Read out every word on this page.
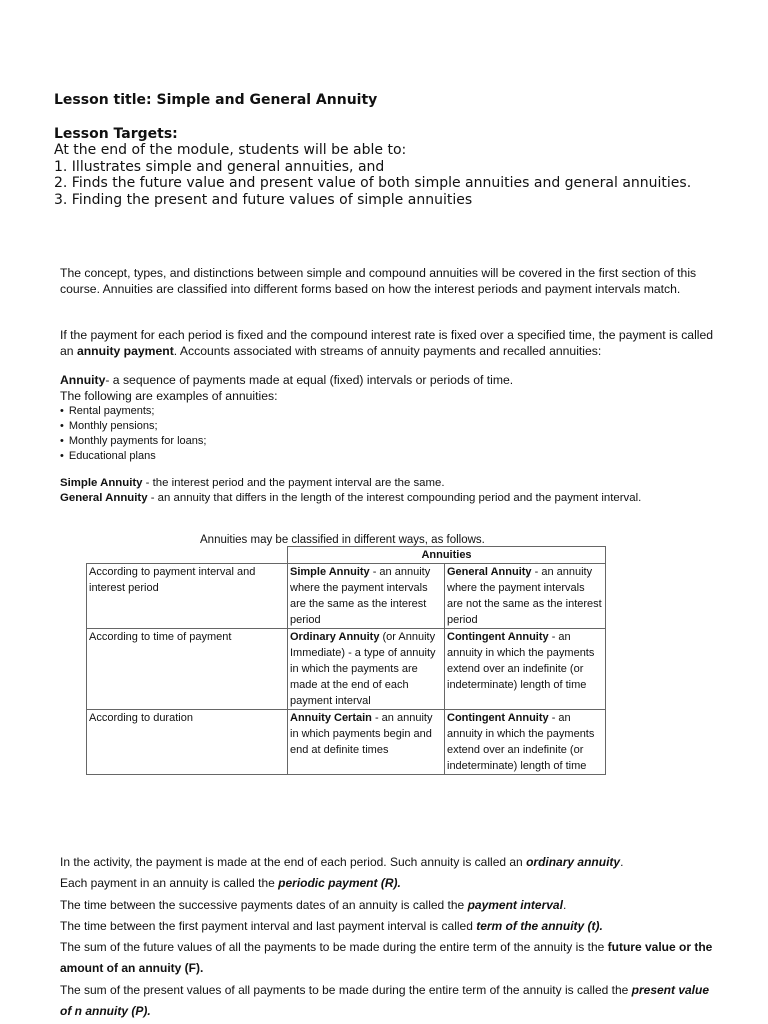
Lesson title: Simple and General Annuity

Lesson Targets:

At the end of the module, students will be able to:

1. Illustrates simple and general annuities, and

2. Finds the future value and present value of both simple annuities and general annuities.

3. Finding the present and future values of simple annuities

The concept, types, and distinctions between simple and compound annuities will be covered in the first section of this course. Annuities are classified into different forms based on how the interest periods and payment intervals match.

If the payment for each period is fixed and the compound interest rate is fixed over a specified time, the payment is called an annuity payment. Accounts associated with streams of annuity payments and recalled annuities:

Annuity- a sequence of payments made at equal (fixed) intervals or periods of time.

The following are examples of annuities:

• Rental payments;
• Monthly pensions;
• Monthly payments for loans;
• Educational plans

Simple Annuity - the interest period and the payment interval are the same.

General Annuity - an annuity that differs in the length of the interest compounding period and the payment interval.

Annuities may be classified in different ways, as follows.
	Annuities	
According to payment interval and interest period	Simple Annuity - an annuity where the payment intervals are the same as the interest period	General Annuity - an annuity where the payment intervals are not the same as the interest period
According to time of payment	Ordinary Annuity (or Annuity Immediate) - a type of annuity in which the payments are made at the end of each payment interval	Contingent Annuity - an annuity in which the payments extend over an indefinite (or indeterminate) length of time
According to duration	Annuity Certain - an annuity in which payments begin and end at definite times	Contingent Annuity - an annuity in which the payments extend over an indefinite (or indeterminate) length of time

In the activity, the payment is made at the end of each period. Such annuity is called an ordinary annuity.

Each payment in an annuity is called the periodic payment (R).

The time between the successive payments dates of an annuity is called the payment interval.

The time between the first payment interval and last payment interval is called term of the annuity (t).

The sum of the future values of all the payments to be made during the entire term of the annuity is the future value or the amount of an annuity (F).

The sum of the present values of all payments to be made during the entire term of the annuity is called the present value of n annuity (P).
